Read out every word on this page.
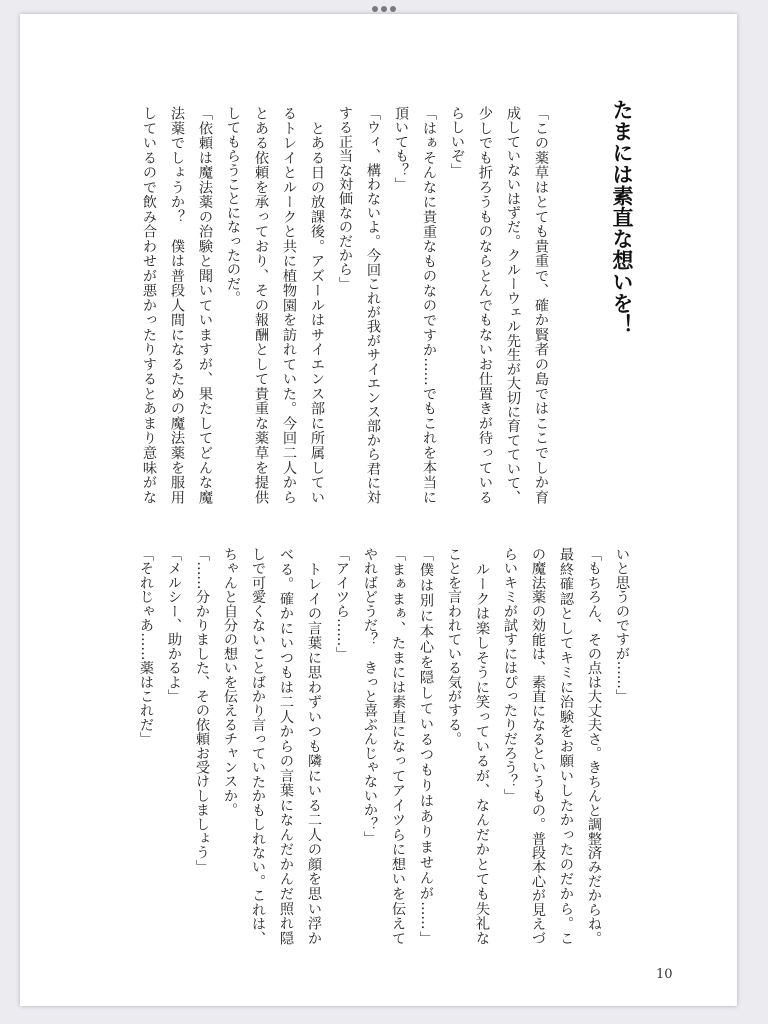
たまには素直な想いを！
「この薬草はとても貴重で、確か賢者の島ではここでしか育
成していないはずだ。クルーウェル先生が大切に育てていて、
少しでも折ろうものならとんでもないお仕置きが待っている
らしいぞ」
「はぁそんなに貴重なものなのですか……でもこれを本当に
頂いても？」
「ウィ、構わないよ。今回これが我がサイエンス部から君に対
する正当な対価なのだから」
　とある日の放課後。アズールはサイエンス部に所属してい
るトレイとルークと共に植物園を訪れていた。今回二人から
とある依頼を承っており、その報酬として貴重な薬草を提供
してもらうことになったのだ。
「依頼は魔法薬の治験と聞いていますが、果たしてどんな魔
法薬でしょうか？　僕は普段人間になるための魔法薬を服用
しているので飲み合わせが悪かったりするとあまり意味がな
いと思うのですが……」
「もちろん、その点は大丈夫さ。きちんと調整済みだからね。
最終確認としてキミに治験をお願いしたかったのだから。こ
の魔法薬の効能は、素直になるというもの。普段本心が見えづ
らいキミが試すにはぴったりだろう？」
　ルークは楽しそうに笑っているが、なんだかとても失礼な
ことを言われている気がする。
「僕は別に本心を隠しているつもりはありませんが……」
「まぁまぁ、たまには素直になってアイツらに想いを伝えて
やればどうだ？　きっと喜ぶんじゃないか？」
「アイツら……」
　トレイの言葉に思わずいつも隣にいる二人の顔を思い浮か
べる。確かにいつもは二人からの言葉になんだかんだ照れ隠
しで可愛くないことばかり言っていたかもしれない。これは、
ちゃんと自分の想いを伝えるチャンスか。
「……分かりました、その依頼お受けしましょう」
「メルシー、助かるよ」
「それじゃあ……薬はこれだ」
10
